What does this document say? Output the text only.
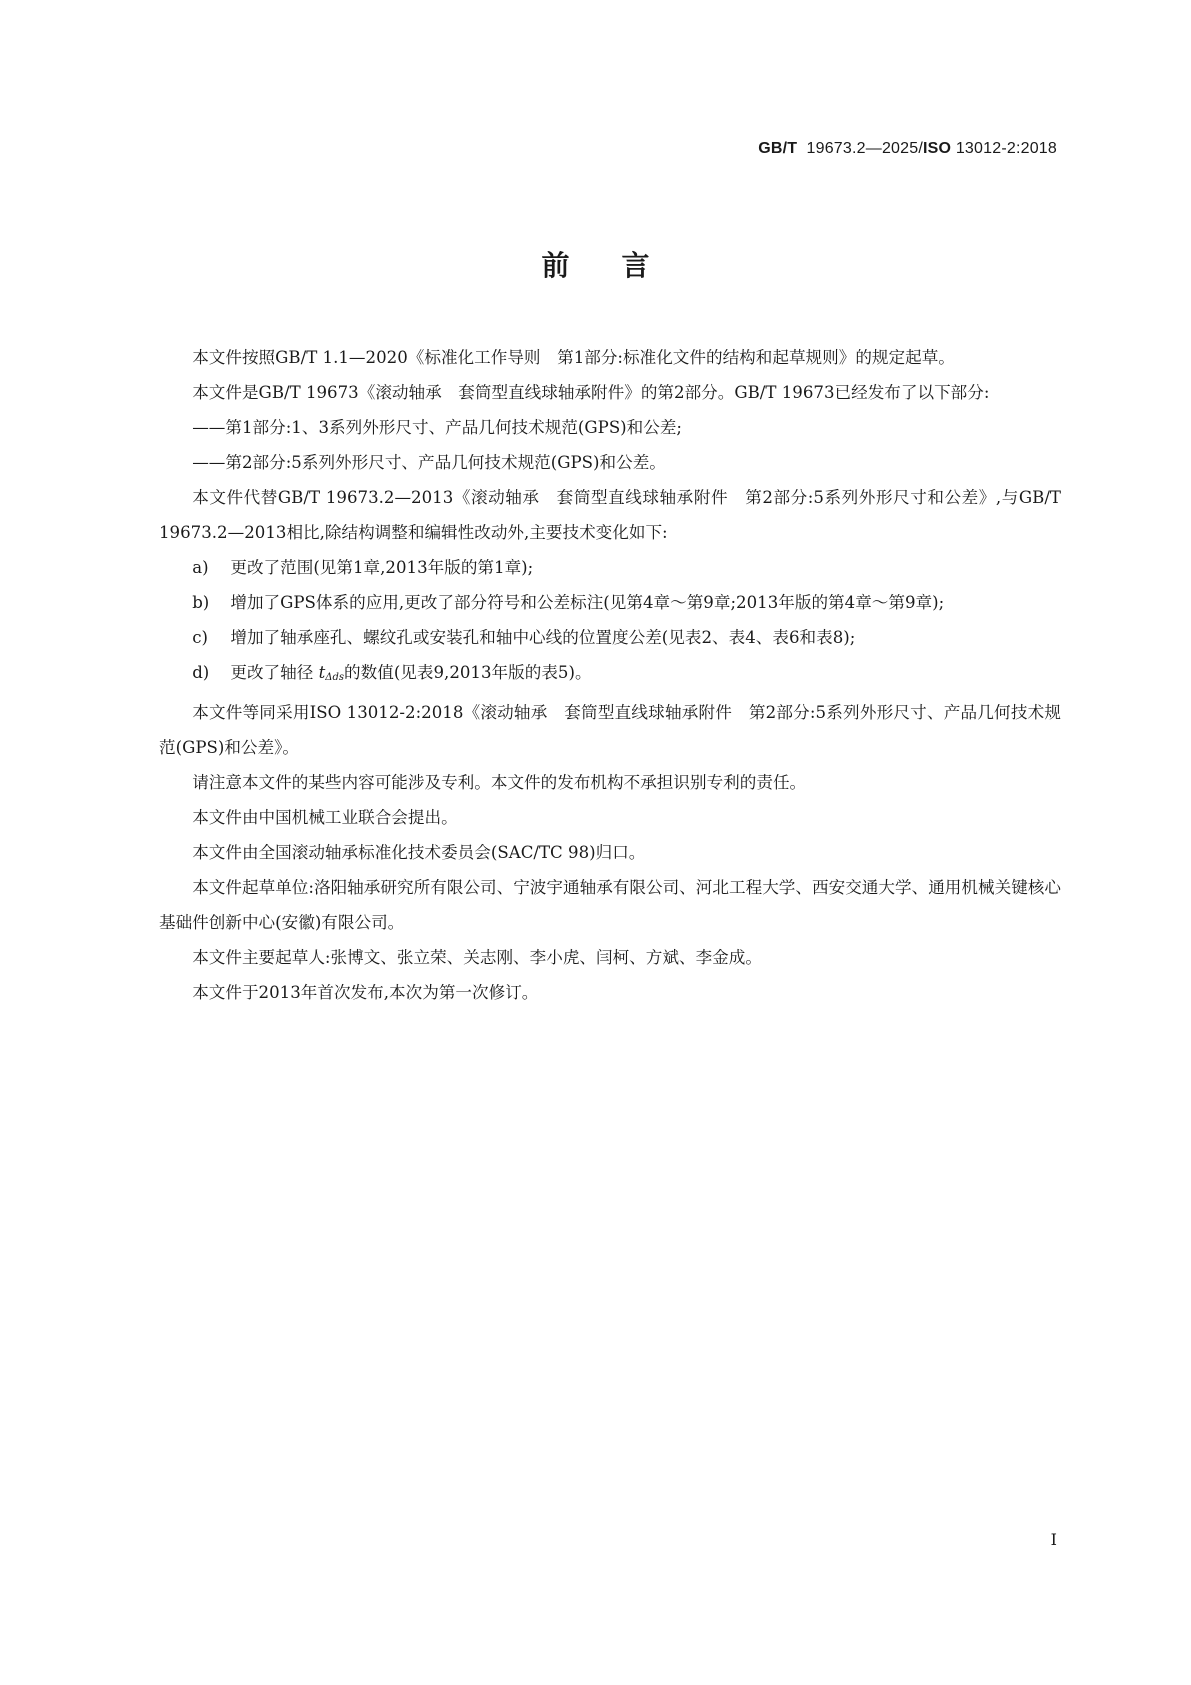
GB/T 19673.2—2025/ISO 13012-2:2018
前言

本文件按照GB/T 1.1—2020《标准化工作导则　第1部分:标准化文件的结构和起草规则》的规定起草。

本文件是GB/T 19673《滚动轴承　套筒型直线球轴承附件》的第2部分。GB/T 19673已经发布了以下部分:

——第1部分:1、3系列外形尺寸、产品几何技术规范(GPS)和公差;

——第2部分:5系列外形尺寸、产品几何技术规范(GPS)和公差。

本文件代替GB/T 19673.2—2013《滚动轴承　套筒型直线球轴承附件　第2部分:5系列外形尺寸和公差》,与GB/T 19673.2—2013相比,除结构调整和编辑性改动外,主要技术变化如下:

a)	更改了范围(见第1章,2013年版的第1章);
b)	增加了GPS体系的应用,更改了部分符号和公差标注(见第4章～第9章;2013年版的第4章～第9章);
c)	增加了轴承座孔、螺纹孔或安装孔和轴中心线的位置度公差(见表2、表4、表6和表8);
d)	更改了轴径 $t_{\Delta ds}$的数值(见表9,2013年版的表5)。

本文件等同采用ISO 13012-2:2018《滚动轴承　套筒型直线球轴承附件　第2部分:5系列外形尺寸、产品几何技术规范(GPS)和公差》。

请注意本文件的某些内容可能涉及专利。本文件的发布机构不承担识别专利的责任。

本文件由中国机械工业联合会提出。

本文件由全国滚动轴承标准化技术委员会(SAC/TC 98)归口。

本文件起草单位:洛阳轴承研究所有限公司、宁波宇通轴承有限公司、河北工程大学、西安交通大学、通用机械关键核心基础件创新中心(安徽)有限公司。

本文件主要起草人:张博文、张立荣、关志刚、李小虎、闫柯、方斌、李金成。

本文件于2013年首次发布,本次为第一次修订。

I
